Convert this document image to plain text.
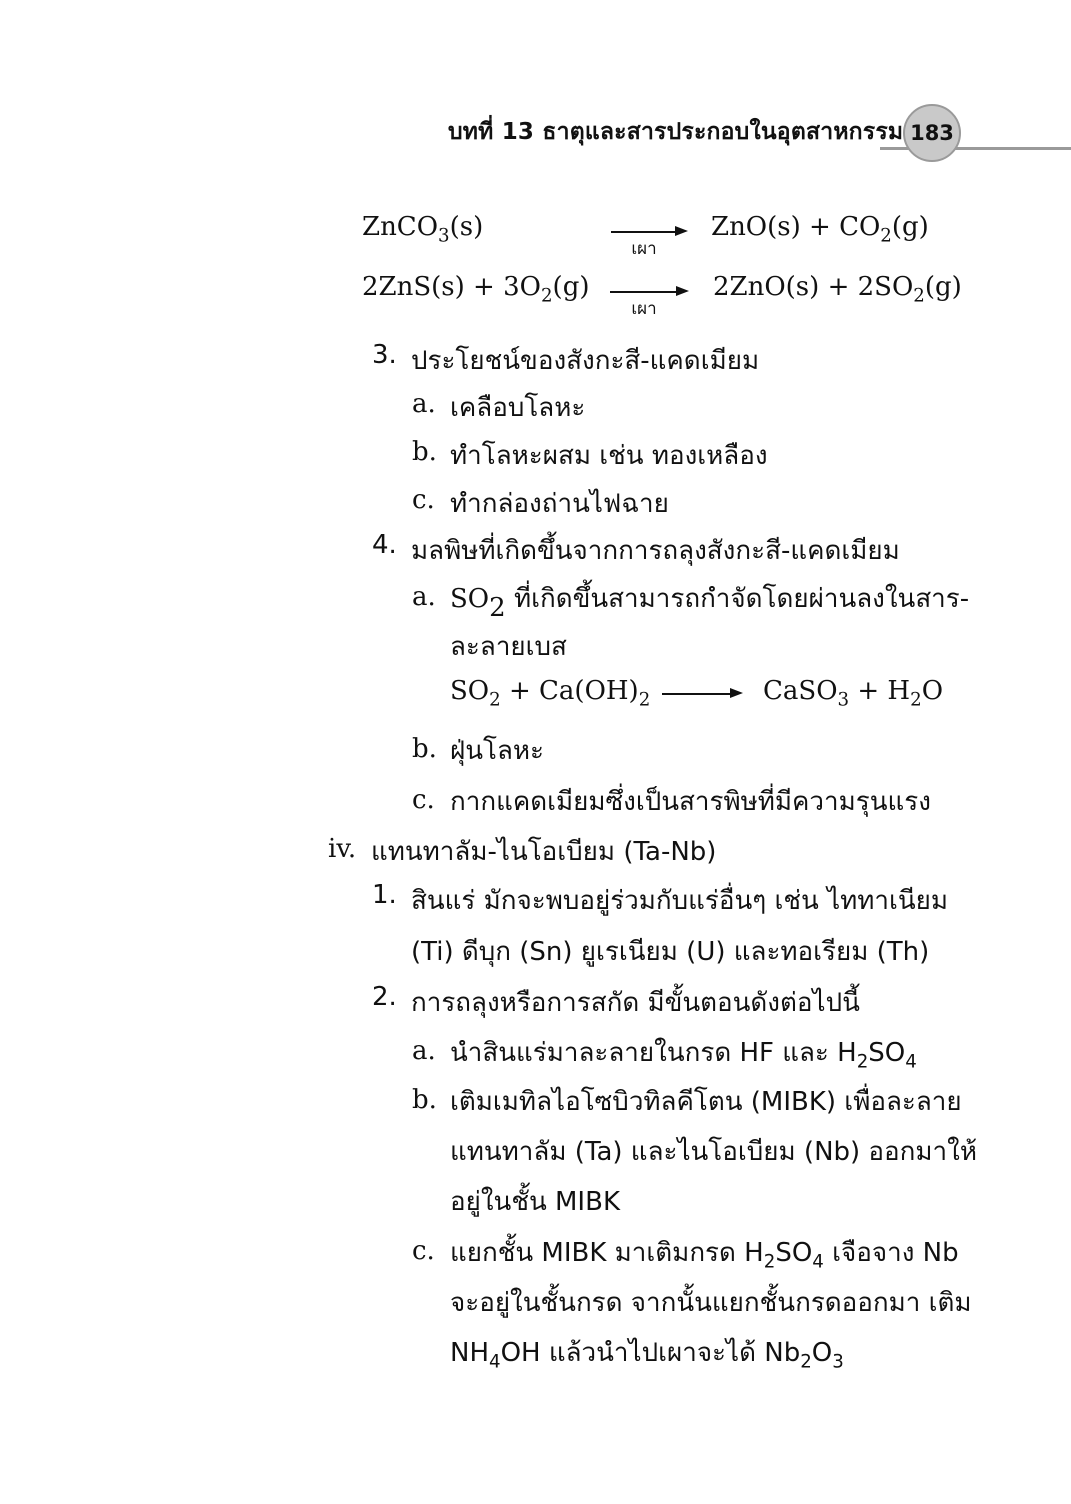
บทที่ 13 ธาตุและสารประกอบในอุตสาหกรรม 183
ZnCO$_3$(s)
เผา
$ZnO(s) + CO_2(g)$
$2ZnS(s) + 3O_2(g)$
เผา
$2ZnO(s) + 2SO_2(g)$
3. ประโยชน์ของสังกะสี-แคดเมียม
a. เคลือบโลหะ
b. ทำโลหะผสม เช่น ทองเหลือง
c. ทำกล่องถ่านไฟฉาย
4. มลพิษที่เกิดขึ้นจากการถลุงสังกะสี-แคดเมียม
a. $SO_2$ ที่เกิดขึ้นสามารถกำจัดโดยผ่านลงในสาร-
ละลายเบส
$SO_2 + Ca(OH)_2$	CaSO$_3$ + $H_2O$
b. ฝุ่นโลหะ
c. กากแคดเมียมซึ่งเป็นสารพิษที่มีความรุนแรง
iv. แทนทาลัม-ไนโอเบียม (Ta-Nb)
1. สินแร่ มักจะพบอยู่ร่วมกับแร่อื่นๆ เช่น ไททาเนียม
(Ti) ดีบุก (Sn) ยูเรเนียม (U) และทอเรียม (Th)
2. การถลุงหรือการสกัด มีขั้นตอนดังต่อไปนี้
a. นำสินแร่มาละลายในกรด HF และ $H_2SO_4$
b. เติมเมทิลไอโซบิวทิลคีโตน (MIBK) เพื่อละลาย
แทนทาลัม (Ta) และไนโอเบียม (Nb) ออกมาให้
อยู่ในชั้น MIBK
c. แยกชั้น MIBK มาเติมกรด $H_2SO_4$ เจือจาง Nb
จะอยู่ในชั้นกรด จากนั้นแยกชั้นกรดออกมา เติม
$NH_4OH$ แล้วนำไปเผาจะได้ $Nb_2O_3$
